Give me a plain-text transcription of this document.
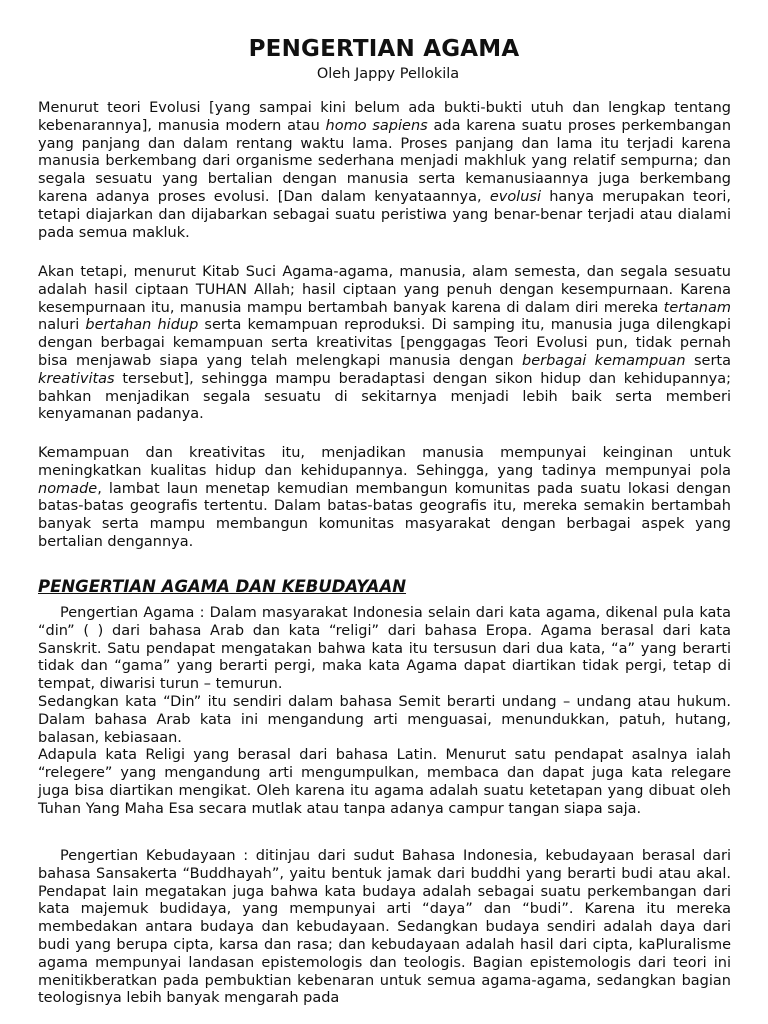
PENGERTIAN AGAMA

Oleh Jappy Pellokila

Menurut teori Evolusi [yang sampai kini belum ada bukti-bukti utuh dan lengkap tentang kebenarannya], manusia modern atau homo sapiens ada karena suatu proses perkembangan yang panjang dan dalam rentang waktu lama. Proses panjang dan lama itu terjadi karena manusia berkembang dari organisme sederhana menjadi makhluk yang relatif sempurna; dan segala sesuatu yang bertalian dengan manusia serta kemanusiaannya juga berkembang karena adanya proses evolusi. [Dan dalam kenyataannya, evolusi hanya merupakan teori, tetapi diajarkan dan dijabarkan sebagai suatu peristiwa yang benar-benar terjadi atau dialami pada semua makluk.

Akan tetapi, menurut Kitab Suci Agama-agama, manusia, alam semesta, dan segala sesuatu adalah hasil ciptaan TUHAN Allah; hasil ciptaan yang penuh dengan kesempurnaan. Karena kesempurnaan itu, manusia mampu bertambah banyak karena di dalam diri mereka tertanam naluri bertahan hidup serta kemampuan reproduksi. Di samping itu, manusia juga dilengkapi dengan berbagai kemampuan serta kreativitas [penggagas Teori Evolusi pun, tidak pernah bisa menjawab siapa yang telah melengkapi manusia dengan berbagai kemampuan serta kreativitas tersebut], sehingga mampu beradaptasi dengan sikon hidup dan kehidupannya; bahkan menjadikan segala sesuatu di sekitarnya menjadi lebih baik serta memberi kenyamanan padanya.

Kemampuan dan kreativitas itu, menjadikan manusia mempunyai keinginan untuk meningkatkan kualitas hidup dan kehidupannya. Sehingga, yang tadinya mempunyai pola nomade, lambat laun menetap kemudian membangun komunitas pada suatu lokasi dengan batas-batas geografis tertentu. Dalam batas-batas geografis itu, mereka semakin bertambah banyak serta mampu membangun komunitas masyarakat dengan berbagai aspek yang bertalian dengannya.

PENGERTIAN AGAMA DAN KEBUDAYAAN

Pengertian Agama : Dalam masyarakat Indonesia selain dari kata agama, dikenal pula kata “din” ( ) dari bahasa Arab dan kata “religi” dari bahasa Eropa. Agama berasal dari kata Sanskrit. Satu pendapat mengatakan bahwa kata itu tersusun dari dua kata, “a” yang berarti tidak dan “gama” yang berarti pergi, maka kata Agama dapat diartikan tidak pergi, tetap di tempat, diwarisi turun – temurun.

Sedangkan kata “Din” itu sendiri dalam bahasa Semit berarti undang – undang atau hukum. Dalam bahasa Arab kata ini mengandung arti menguasai, menundukkan, patuh, hutang, balasan, kebiasaan.

Adapula kata Religi yang berasal dari bahasa Latin. Menurut satu pendapat asalnya ialah “relegere” yang mengandung arti mengumpulkan, membaca dan dapat juga kata relegare juga bisa diartikan mengikat. Oleh karena itu agama adalah suatu ketetapan yang dibuat oleh Tuhan Yang Maha Esa secara mutlak atau tanpa adanya campur tangan siapa saja.

Pengertian Kebudayaan : ditinjau dari sudut Bahasa Indonesia, kebudayaan berasal dari bahasa Sansakerta “Buddhayah”, yaitu bentuk jamak dari buddhi yang berarti budi atau akal. Pendapat lain megatakan juga bahwa kata budaya adalah sebagai suatu perkembangan dari kata majemuk budidaya, yang mempunyai arti “daya” dan “budi”. Karena itu mereka membedakan antara budaya dan kebudayaan. Sedangkan budaya sendiri adalah daya dari budi yang berupa cipta, karsa dan rasa; dan kebudayaan adalah hasil dari cipta, kaPluralisme agama mempunyai landasan epistemologis dan teologis. Bagian epistemologis dari teori ini menitikberatkan pada pembuktian kebenaran untuk semua agama-agama, sedangkan bagian teologisnya lebih banyak mengarah pada
